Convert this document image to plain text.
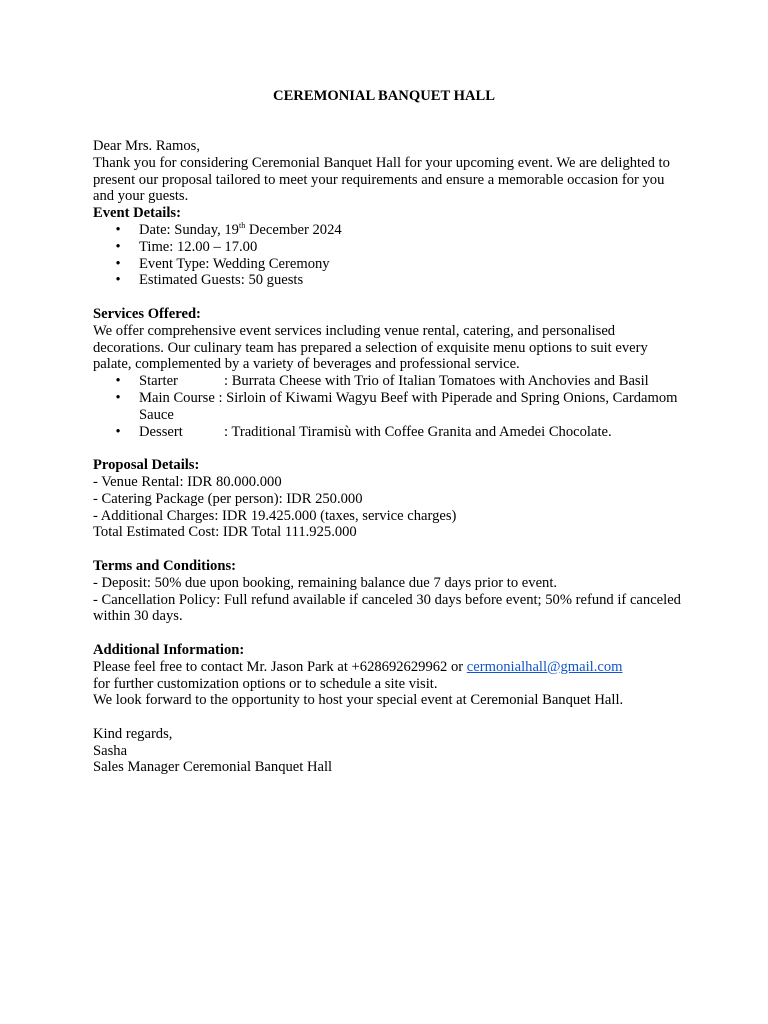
CEREMONIAL BANQUET HALL

Dear Mrs. Ramos,

Thank you for considering Ceremonial Banquet Hall for your upcoming event. We are delighted to present our proposal tailored to meet your requirements and ensure a memorable occasion for you and your guests.

Event Details:

• Date: Sunday, 19th December 2024
• Time: 12.00 – 17.00
• Event Type: Wedding Ceremony
• Estimated Guests: 50 guests

Services Offered:

We offer comprehensive event services including venue rental, catering, and personalised decorations. Our culinary team has prepared a selection of exquisite menu options to suit every palate, complemented by a variety of beverages and professional service.

• Starter	: Burrata Cheese with Trio of Italian Tomatoes with Anchovies and Basil
• Main Course : Sirloin of Kiwami Wagyu Beef with Piperade and Spring Onions, Cardamom Sauce
• Dessert	: Traditional Tiramisù with Coffee Granita and Amedei Chocolate.

Proposal Details:

- Venue Rental: IDR 80.000.000

- Catering Package (per person): IDR 250.000

- Additional Charges: IDR 19.425.000 (taxes, service charges)

Total Estimated Cost: IDR Total 111.925.000

Terms and Conditions:

- Deposit: 50% due upon booking, remaining balance due 7 days prior to event.

- Cancellation Policy: Full refund available if canceled 30 days before event; 50% refund if canceled within 30 days.

Additional Information:

Please feel free to contact Mr. Jason Park at +628692629962 or cermonialhall@gmail.com

for further customization options or to schedule a site visit.

We look forward to the opportunity to host your special event at Ceremonial Banquet Hall.

Kind regards,

Sasha

Sales Manager Ceremonial Banquet Hall
